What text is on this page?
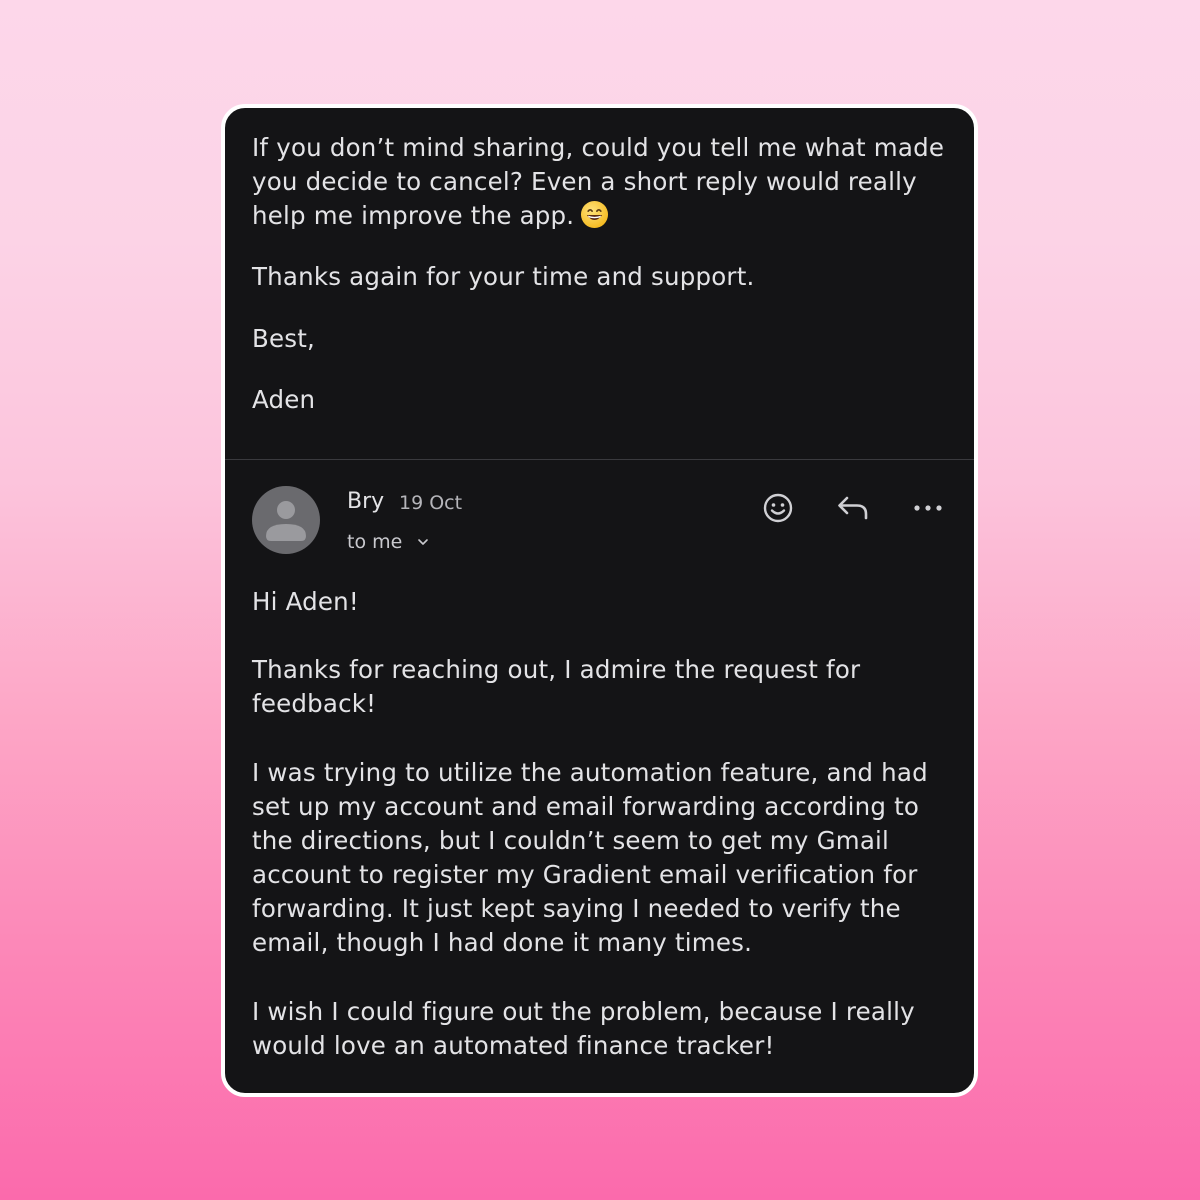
If you don’t mind sharing, could you tell me what made

you decide to cancel? Even a short reply would really

help me improve the app.

Thanks again for your time and support.

Best,

Aden

Bry 19 Oct
to me

Hi Aden!

Thanks for reaching out, I admire the request for

feedback!

I was trying to utilize the automation feature, and had

set up my account and email forwarding according to

the directions, but I couldn’t seem to get my Gmail

account to register my Gradient email verification for

forwarding. It just kept saying I needed to verify the

email, though I had done it many times.

I wish I could figure out the problem, because I really

would love an automated finance tracker!
